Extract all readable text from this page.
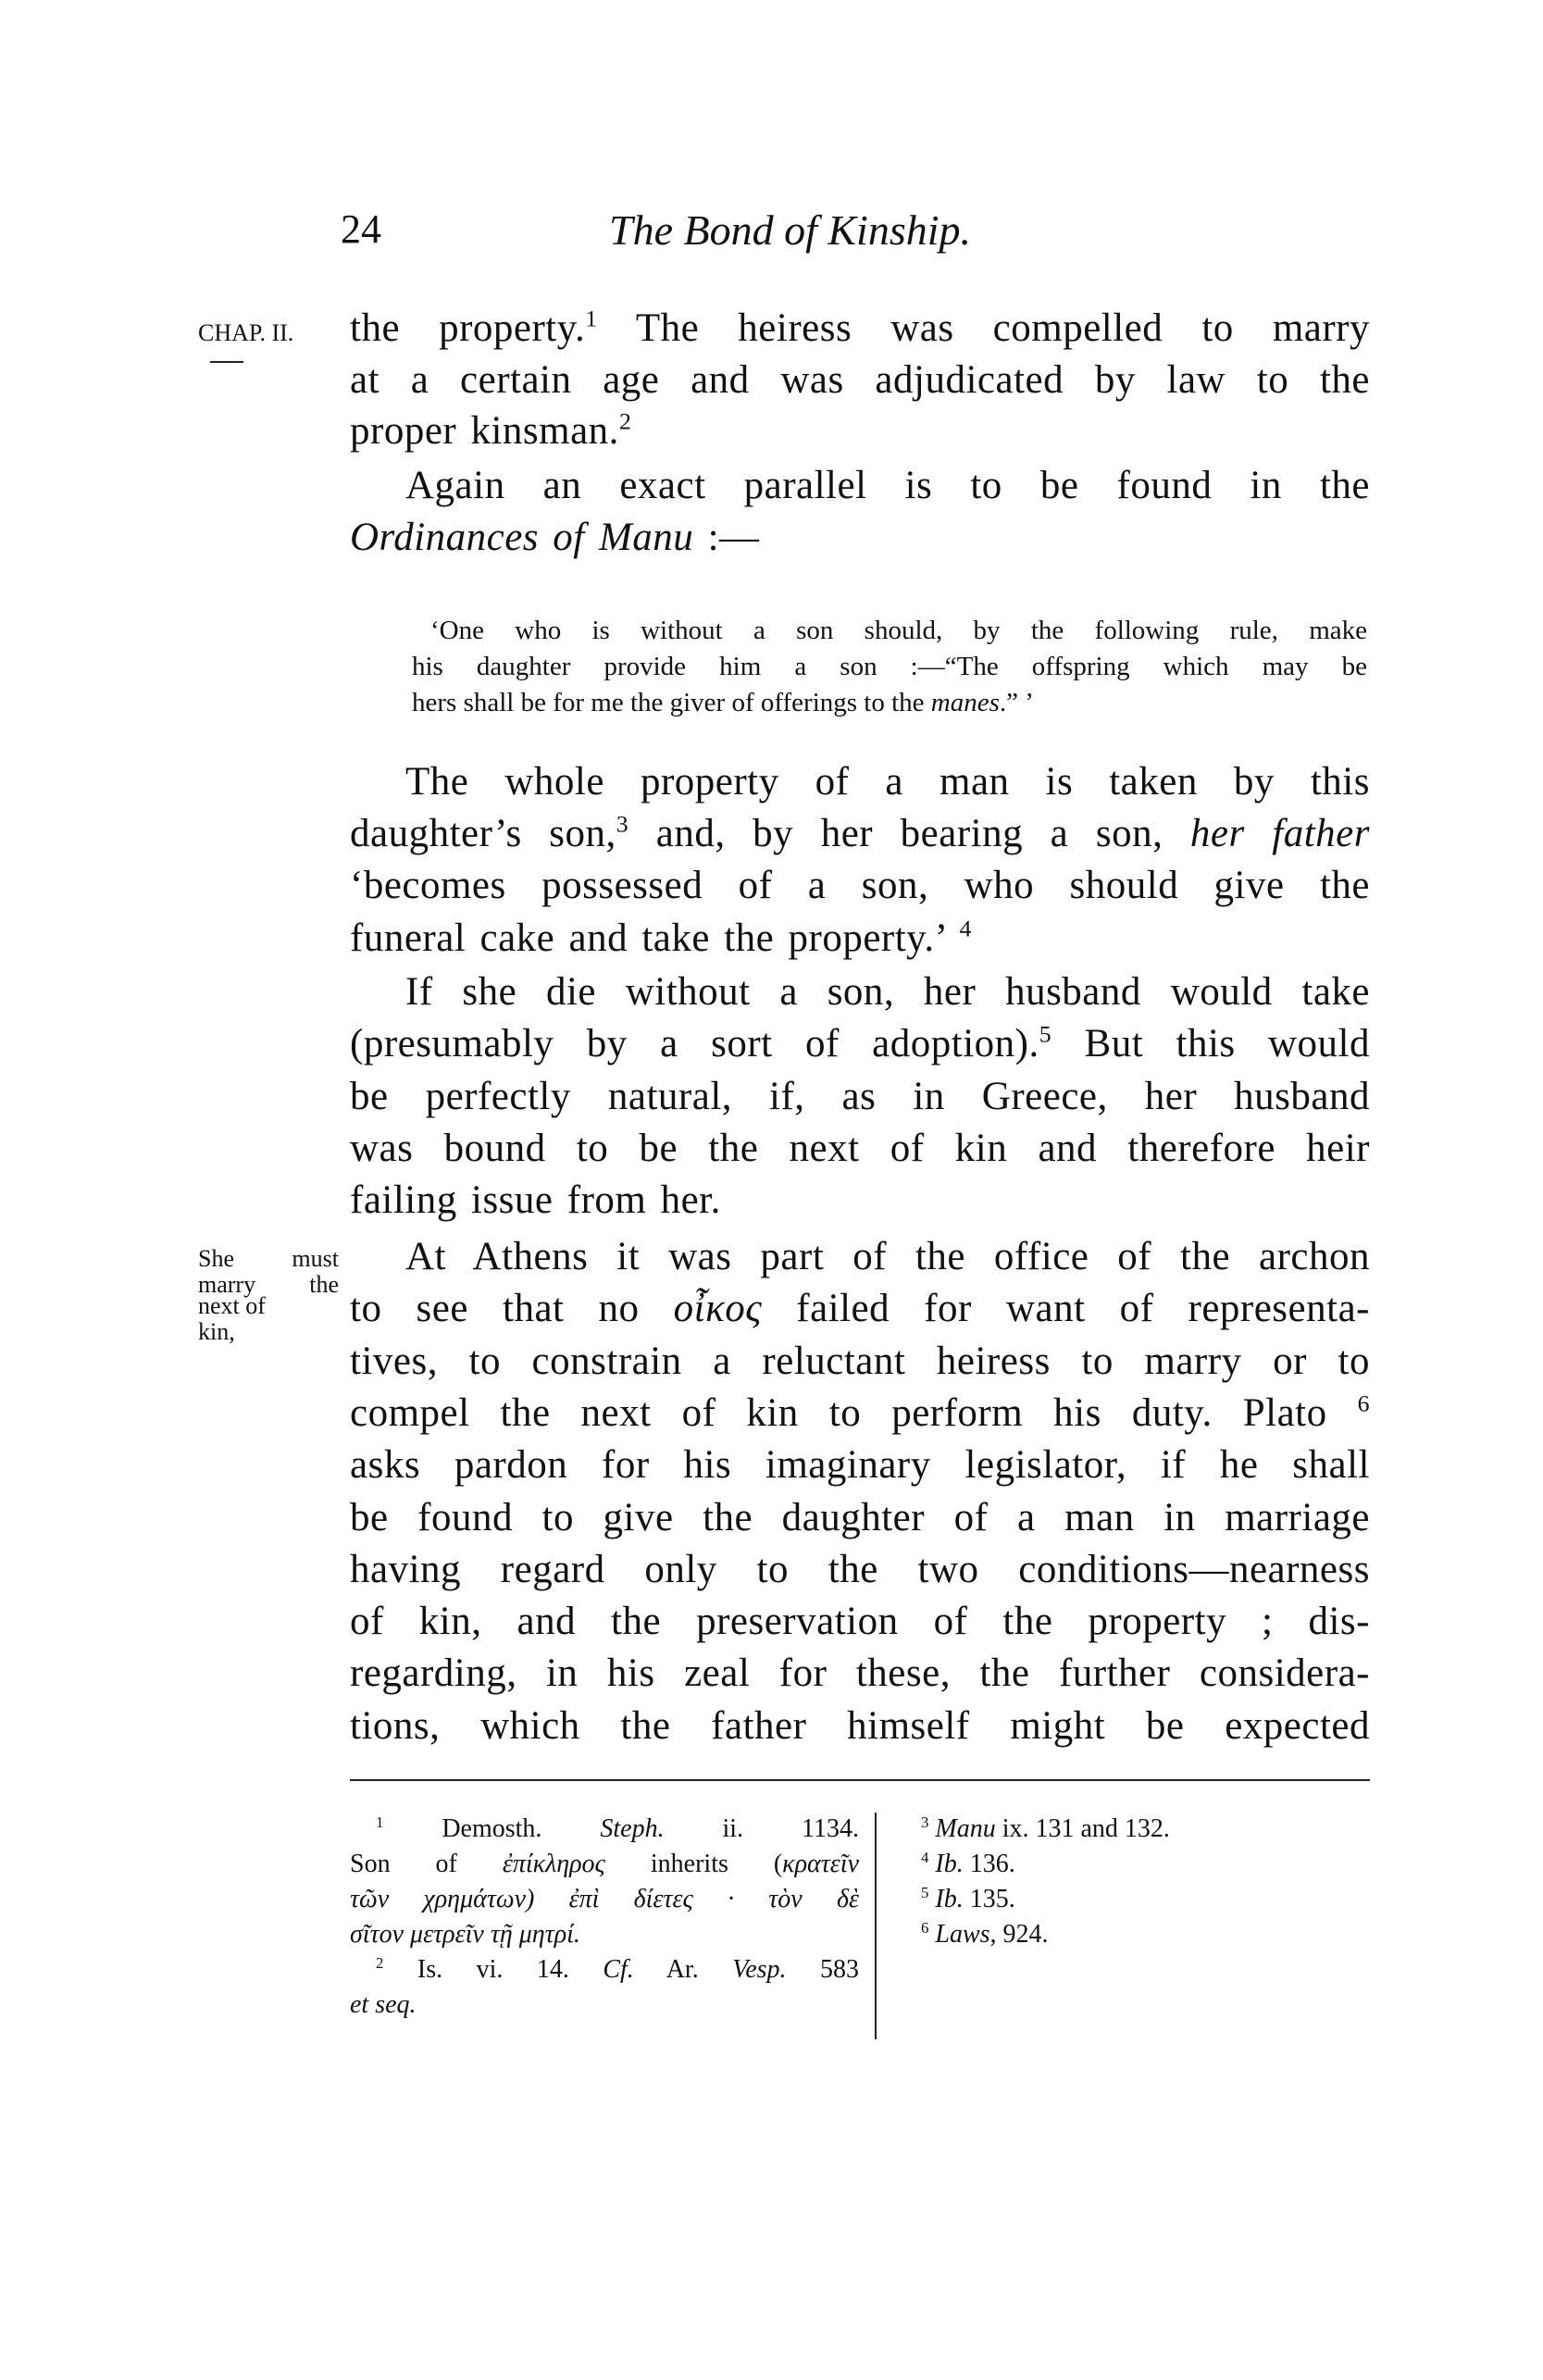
24	The Bond of Kinship.
CHAP. II.
She must
marry the
next of
kin,
the property.$^1$ The heiress was compelled to marry
at a certain age and was adjudicated by law to the
proper kinsman.$^2$
Again an exact parallel is to be found in the
Ordinances of Manu :—
‘One who is without a son should, by the following rule, make
his daughter provide him a son :—“The offspring which may be
hers shall be for me the giver of offerings to the manes.” ’
The whole property of a man is taken by this
daughter’s son,$^3$ and, by her bearing a son, her father
‘becomes possessed of a son, who should give the
funeral cake and take the property.’ $^4$
If she die without a son, her husband would take
(presumably by a sort of adoption).$^5$ But this would
be perfectly natural, if, as in Greece, her husband
was bound to be the next of kin and therefore heir
failing issue from her.
At Athens it was part of the office of the archon
to see that no οἶκος failed for want of representa-
tives, to constrain a reluctant heiress to marry or to
compel the next of kin to perform his duty. Plato $^6$
asks pardon for his imaginary legislator, if he shall
be found to give the daughter of a man in marriage
having regard only to the two conditions—nearness
of kin, and the preservation of the property ; dis-
regarding, in his zeal for these, the further considera-
tions, which the father himself might be expected
$^1$ Demosth. Steph. ii. 1134.
Son of ἐπίκληρος inherits (κρατεῖν
τῶν χρημάτων) ἐπὶ δίετες · τὸν δὲ
σῖτον μετρεῖν τῇ μητρί.
$^2$ Is. vi. 14. Cf. Ar. Vesp. 583
et seq.
$^3$ Manu ix. 131 and 132.
$^4$ Ib. 136.
$^5$ Ib. 135.
$^6$ Laws, 924.
